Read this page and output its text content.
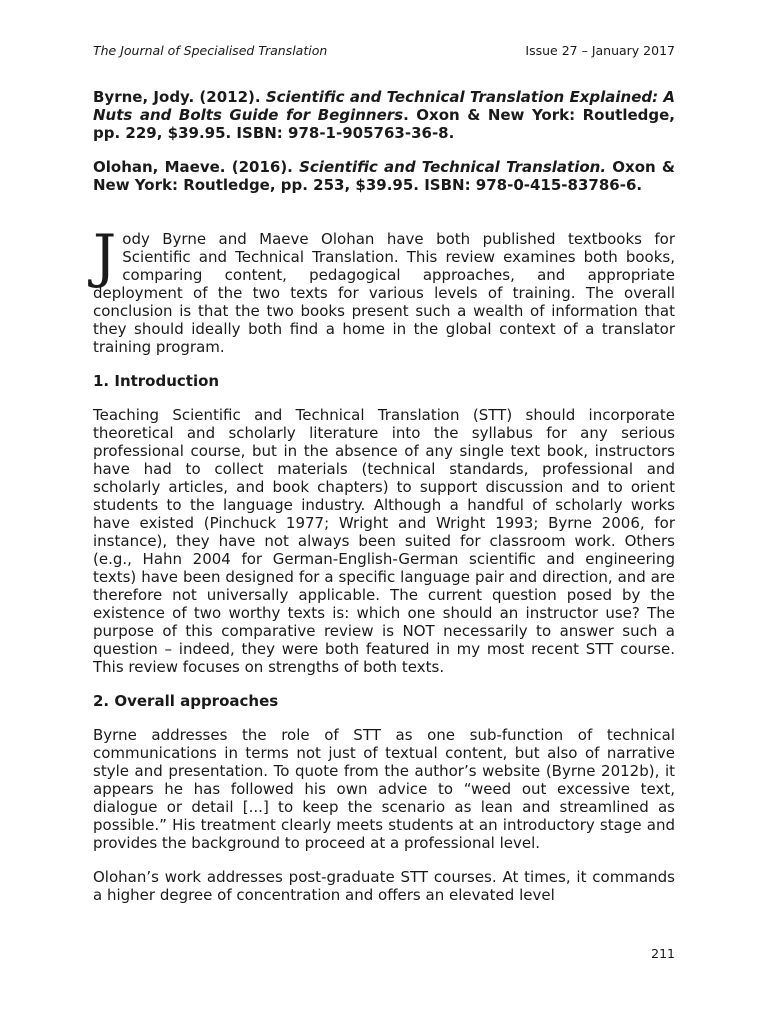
The Journal of Specialised Translation	Issue 27 – January 2017

Byrne, Jody. (2012). Scientific and Technical Translation Explained: A Nuts and Bolts Guide for Beginners. Oxon & New York: Routledge, pp. 229, $39.95. ISBN: 978-1-905763-36-8.

Olohan, Maeve. (2016). Scientific and Technical Translation. Oxon & New York: Routledge, pp. 253, $39.95. ISBN: 978-0-415-83786-6.

Jody Byrne and Maeve Olohan have both published textbooks for Scientific and Technical Translation. This review examines both books, comparing content, pedagogical approaches, and appropriate deployment of the two texts for various levels of training. The overall conclusion is that the two books present such a wealth of information that they should ideally both find a home in the global context of a translator training program.

1. Introduction

Teaching Scientific and Technical Translation (STT) should incorporate theoretical and scholarly literature into the syllabus for any serious professional course, but in the absence of any single text book, instructors have had to collect materials (technical standards, professional and scholarly articles, and book chapters) to support discussion and to orient students to the language industry. Although a handful of scholarly works have existed (Pinchuck 1977; Wright and Wright 1993; Byrne 2006, for instance), they have not always been suited for classroom work. Others (e.g., Hahn 2004 for German-English-German scientific and engineering texts) have been designed for a specific language pair and direction, and are therefore not universally applicable. The current question posed by the existence of two worthy texts is: which one should an instructor use? The purpose of this comparative review is NOT necessarily to answer such a question – indeed, they were both featured in my most recent STT course. This review focuses on strengths of both texts.

2. Overall approaches

Byrne addresses the role of STT as one sub-function of technical communications in terms not just of textual content, but also of narrative style and presentation. To quote from the author’s website (Byrne 2012b), it appears he has followed his own advice to “weed out excessive text, dialogue or detail [...] to keep the scenario as lean and streamlined as possible.” His treatment clearly meets students at an introductory stage and provides the background to proceed at a professional level.

Olohan’s work addresses post-graduate STT courses. At times, it commands a higher degree of concentration and offers an elevated level

211
